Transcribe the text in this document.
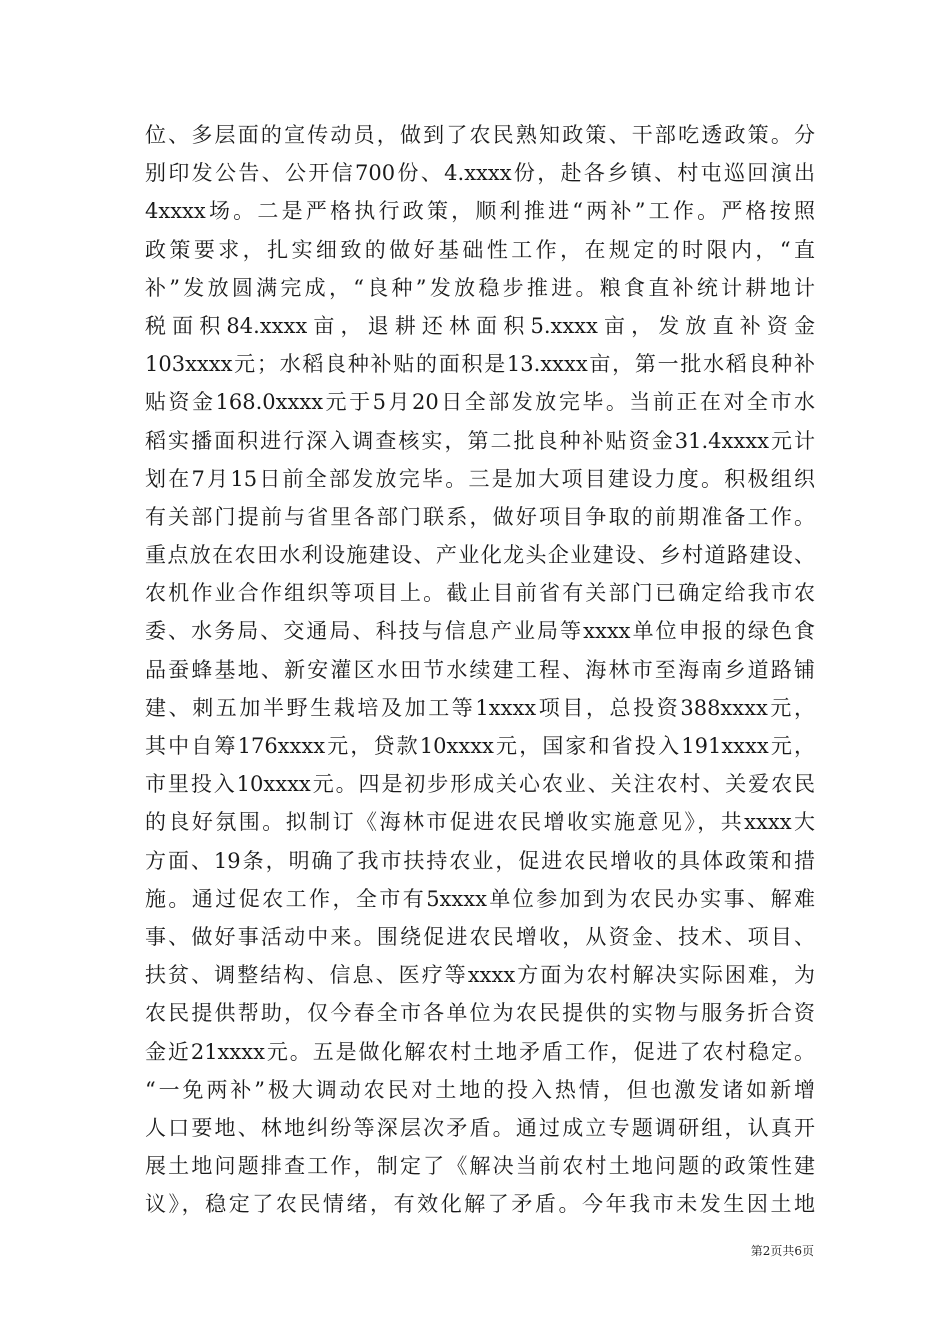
位、多层面的宣传动员，做到了农民熟知政策、干部吃透政策。分
别印发公告、公开信700份、4.xxxx份，赴各乡镇、村屯巡回演出
4xxxx场。二是严格执行政策，顺利推进“两补”工作。严格按照
政策要求，扎实细致的做好基础性工作，在规定的时限内，“直
补”发放圆满完成，“良种”发放稳步推进。粮食直补统计耕地计
税面积84.xxxx亩，退耕还林面积5.xxxx亩，发放直补资金
103xxxx元；水稻良种补贴的面积是13.xxxx亩，第一批水稻良种补
贴资金168.0xxxx元于5月20日全部发放完毕。当前正在对全市水
稻实播面积进行深入调查核实，第二批良种补贴资金31.4xxxx元计
划在7月15日前全部发放完毕。三是加大项目建设力度。积极组织
有关部门提前与省里各部门联系，做好项目争取的前期准备工作。
重点放在农田水利设施建设、产业化龙头企业建设、乡村道路建设、
农机作业合作组织等项目上。截止目前省有关部门已确定给我市农
委、水务局、交通局、科技与信息产业局等xxxx单位申报的绿色食
品蚕蜂基地、新安灌区水田节水续建工程、海林市至海南乡道路铺
建、刺五加半野生栽培及加工等1xxxx项目，总投资388xxxx元，
其中自筹176xxxx元，贷款10xxxx元，国家和省投入191xxxx元，
市里投入10xxxx元。四是初步形成关心农业、关注农村、关爱农民
的良好氛围。拟制订《海林市促进农民增收实施意见》，共xxxx大
方面、19条，明确了我市扶持农业，促进农民增收的具体政策和措
施。通过促农工作，全市有5xxxx单位参加到为农民办实事、解难
事、做好事活动中来。围绕促进农民增收，从资金、技术、项目、
扶贫、调整结构、信息、医疗等xxxx方面为农村解决实际困难，为
农民提供帮助，仅今春全市各单位为农民提供的实物与服务折合资
金近21xxxx元。五是做化解农村土地矛盾工作，促进了农村稳定。
“一免两补”极大调动农民对土地的投入热情，但也激发诸如新增
人口要地、林地纠纷等深层次矛盾。通过成立专题调研组，认真开
展土地问题排查工作，制定了《解决当前农村土地问题的政策性建
议》，稳定了农民情绪，有效化解了矛盾。今年我市未发生因土地
第2页共6页
